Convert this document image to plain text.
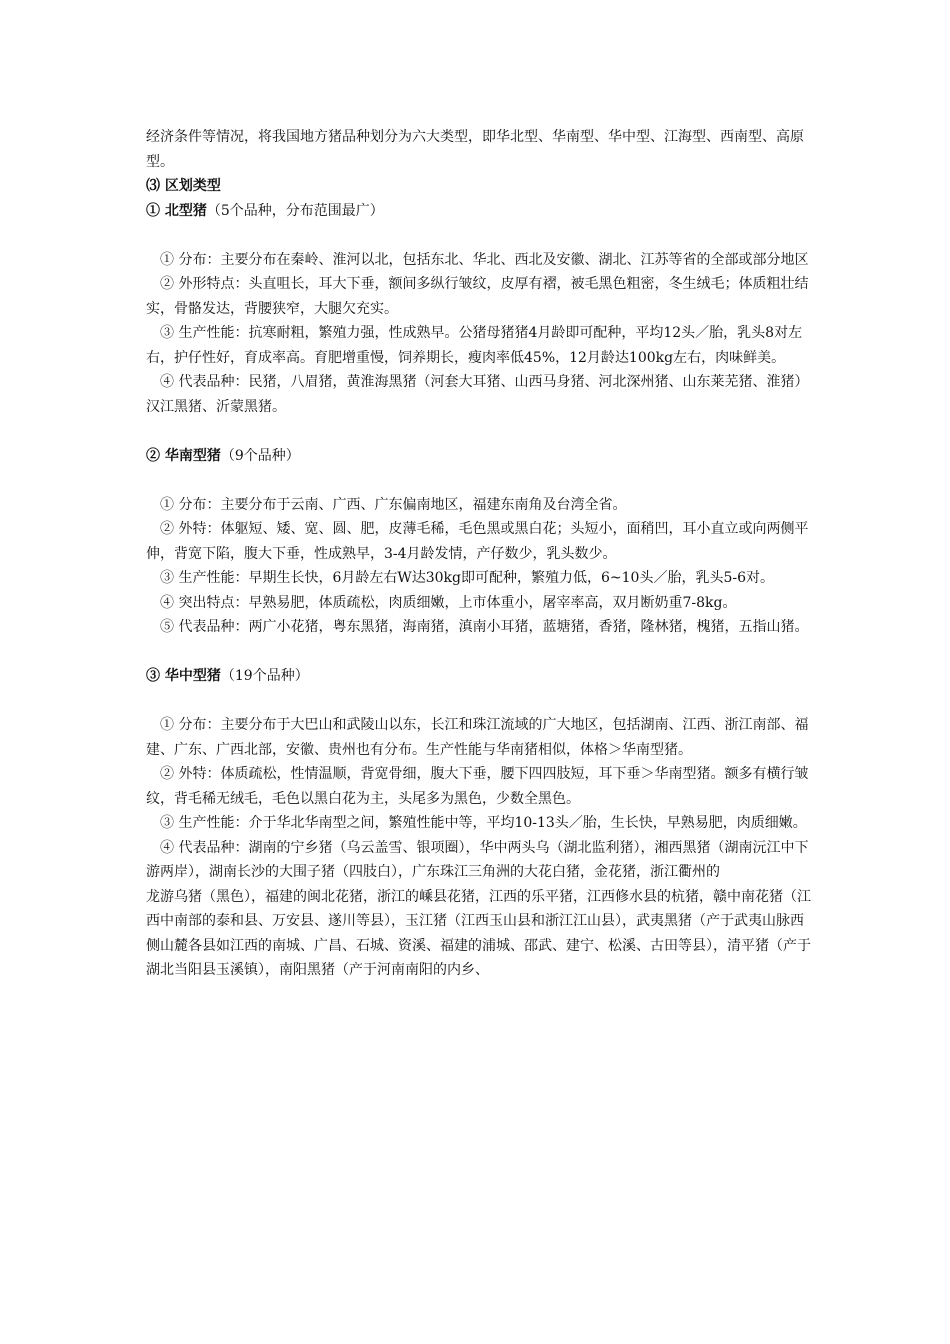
经济条件等情况，将我国地方猪品种划分为六大类型，即华北型、华南型、华中型、江海型、西南型、高原型。

⑶ 区划类型

① 北型猪（5个品种，分布范围最广）

① 分布：主要分布在秦岭、淮河以北，包括东北、华北、西北及安徽、湖北、江苏等省的全部或部分地区

② 外形特点：头直咀长，耳大下垂，额间多纵行皱纹，皮厚有褶，被毛黑色粗密，冬生绒毛；体质粗壮结实，骨骼发达，背腰狭窄，大腿欠充实。

③ 生产性能：抗寒耐粗，繁殖力强，性成熟早。公猪母猪猪4月龄即可配种，平均12头／胎，乳头8对左右，护仔性好，育成率高。育肥增重慢，饲养期长，瘦肉率低45%，12月龄达100kg左右，肉味鲜美。

④ 代表品种：民猪，八眉猪，黄淮海黑猪（河套大耳猪、山西马身猪、河北深州猪、山东莱芜猪、淮猪）

汉江黑猪、沂蒙黑猪。

② 华南型猪（9个品种）

① 分布：主要分布于云南、广西、广东偏南地区，福建东南角及台湾全省。

② 外特：体躯短、矮、宽、圆、肥，皮薄毛稀，毛色黑或黑白花；头短小，面稍凹，耳小直立或向两侧平伸，背宽下陷，腹大下垂，性成熟早，3-4月龄发情，产仔数少，乳头数少。

③ 生产性能：早期生长快，6月龄左右W达30kg即可配种，繁殖力低，6~10头／胎，乳头5-6对。

④ 突出特点：早熟易肥，体质疏松，肉质细嫩，上市体重小，屠宰率高，双月断奶重7-8kg。

⑤ 代表品种：两广小花猪，粤东黑猪，海南猪，滇南小耳猪，蓝塘猪，香猪，隆林猪，槐猪，五指山猪。

③ 华中型猪（19个品种）

① 分布：主要分布于大巴山和武陵山以东，长江和珠江流域的广大地区，包括湖南、江西、浙江南部、福建、广东、广西北部，安徽、贵州也有分布。生产性能与华南猪相似，体格＞华南型猪。

② 外特：体质疏松，性情温顺，背宽骨细，腹大下垂，腰下四四肢短，耳下垂＞华南型猪。额多有横行皱纹，背毛稀无绒毛，毛色以黑白花为主，头尾多为黑色，少数全黑色。

③ 生产性能：介于华北华南型之间，繁殖性能中等，平均10-13头／胎，生长快，早熟易肥，肉质细嫩。

④ 代表品种：湖南的宁乡猪（乌云盖雪、银项圈），华中两头乌（湖北监利猪），湘西黑猪（湖南沅江中下游两岸），湖南长沙的大围子猪（四肢白），广东珠江三角洲的大花白猪，金花猪，浙江衢州的

龙游乌猪（黑色），福建的闽北花猪，浙江的嵊县花猪，江西的乐平猪，江西修水县的杭猪，赣中南花猪（江西中南部的泰和县、万安县、遂川等县），玉江猪（江西玉山县和浙江江山县），武夷黑猪（产于武夷山脉西侧山麓各县如江西的南城、广昌、石城、资溪、福建的浦城、邵武、建宁、松溪、古田等县），清平猪（产于湖北当阳县玉溪镇），南阳黑猪（产于河南南阳的内乡、
